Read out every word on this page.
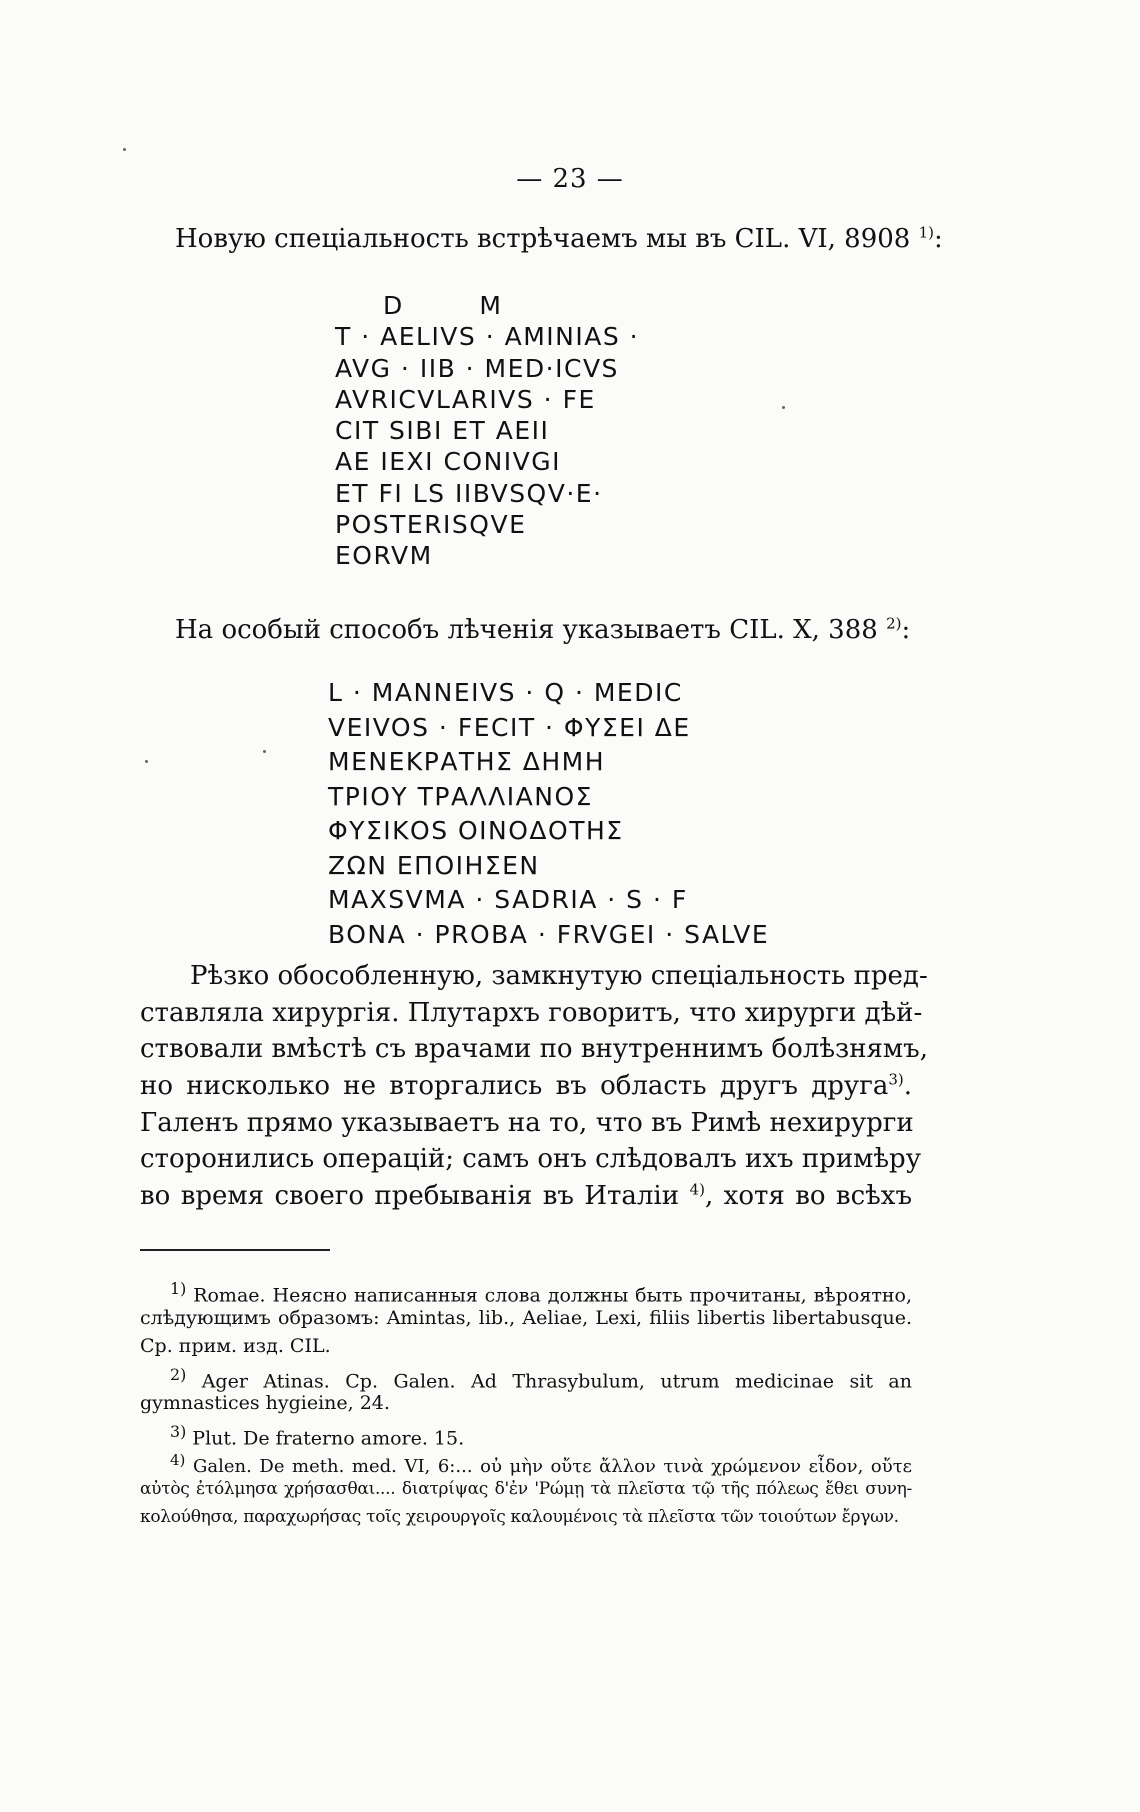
— 23 —
Новую спеціальность встрѣчаемъ мы въ CIL. VI, 8908 $^{1)}$:
D        M
T · AELIVS · AMINIAS ·
AVG · IIB · MED·ICVS
AVRICVLARIVS · FE
CIT SIBI ET AEII
AE IEXI CONIVGI
ET FI LS IIBVSQV·E·
POSTERISQVE
EORVM
На особый способъ лѣченія указываетъ CIL. X, 388 $^{2)}$:
L · MANNEIVS · Q · MEDIC
VEIVOS · FECIT · ΦΥΣΕΙ ΔΕ
ΜΕΝΕΚΡΑΤΗΣ ΔΗΜΗ
ΤΡΙΟΥ ΤΡΑΛΛΙΑΝΟΣ
ΦΥΣΙΚΟS ΟΙΝΟΔΟΤΗΣ
ΖΩΝ ΕΠΟΙΗΣΕΝ
MAXSVMA · SADRIA · S · F
BONA · PROBA · FRVGEI · SALVE
Рѣзко обособленную, замкнутую спеціальность пред-
ставляла хирургія. Плутархъ говоритъ, что хирурги дѣй-
ствовали вмѣстѣ съ врачами по внутреннимъ болѣзнямъ,
но нисколько не вторгались въ область другъ друга$^{3)}$.
Галенъ прямо указываетъ на то, что въ Римѣ нехирурги
сторонились операцій; самъ онъ слѣдовалъ ихъ примѣру
во время своего пребыванія въ Италіи $^{4)}$, хотя во всѣхъ
$^{1)}$ Romae. Неясно написанныя слова должны быть прочитаны, вѣроятно,
слѣдующимъ образомъ: Amintas, lib., Aeliae, Lexi, filiis libertis libertabusque.
Ср. прим. изд. CIL.
$^{2)}$ Ager Atinas. Cp. Galen. Ad Thrasybulum, utrum medicinae sit an
gymnastices hygieine, 24.
$^{3)}$ Plut. De fraterno amore. 15.
$^{4)}$ Galen. De meth. med. VI, 6:... οὐ μὴν οὔτε ἄλλον τινὰ χρώμενον εἶδον, οὔτε
αὐτὸς ἐτόλμησα χρήσασθαι.... διατρίψας δ'ἐν 'Ρώμῃ τὰ πλεῖστα τῷ τῆς πόλεως ἔθει συνη-
κολούθησα, παραχωρήσας τοῖς χειρουργοῖς καλουμένοις τὰ πλεῖστα τῶν τοιούτων ἔργων.
